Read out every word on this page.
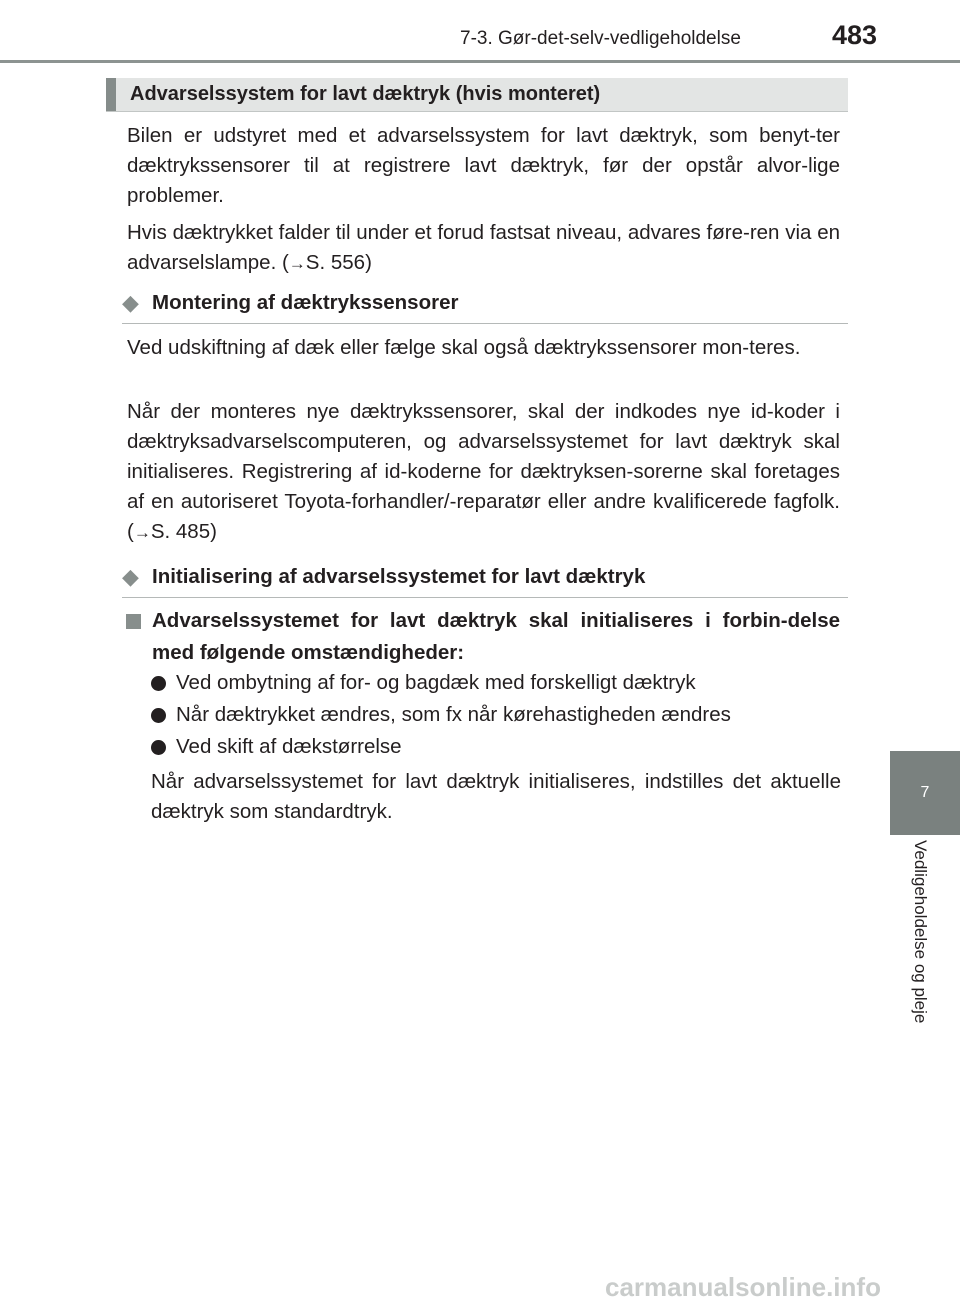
7-3. Gør-det-selv-vedligeholdelse	483
7
Vedligeholdelse og pleje
Advarselssystem for lavt dæktryk (hvis monteret)

Bilen er udstyret med et advarselssystem for lavt dæktryk, som benyt-ter dæktrykssensorer til at registrere lavt dæktryk, før der opstår alvor-lige problemer.

Hvis dæktrykket falder til under et forud fastsat niveau, advares føre-ren via en advarselslampe. (→S. 556)

◆ Montering af dæktrykssensorer

Ved udskiftning af dæk eller fælge skal også dæktrykssensorer mon-teres.

Når der monteres nye dæktrykssensorer, skal der indkodes nye id-koder i dæktryksadvarselscomputeren, og advarselssystemet for lavt dæktryk skal initialiseres. Registrering af id-koderne for dæktryksen-sorerne skal foretages af en autoriseret Toyota-forhandler/-reparatør eller andre kvalificerede fagfolk. (→S. 485)

◆ Initialisering af advarselssystemet for lavt dæktryk

Advarselssystemet for lavt dæktryk skal initialiseres i forbin-delse med følgende omstændigheder:

Ved ombytning af for- og bagdæk med forskelligt dæktryk
Når dæktrykket ændres, som fx når kørehastigheden ændres
Ved skift af dækstørrelse

Når advarselssystemet for lavt dæktryk initialiseres, indstilles det aktuelle dæktryk som standardtryk.

carmanualsonline.info
